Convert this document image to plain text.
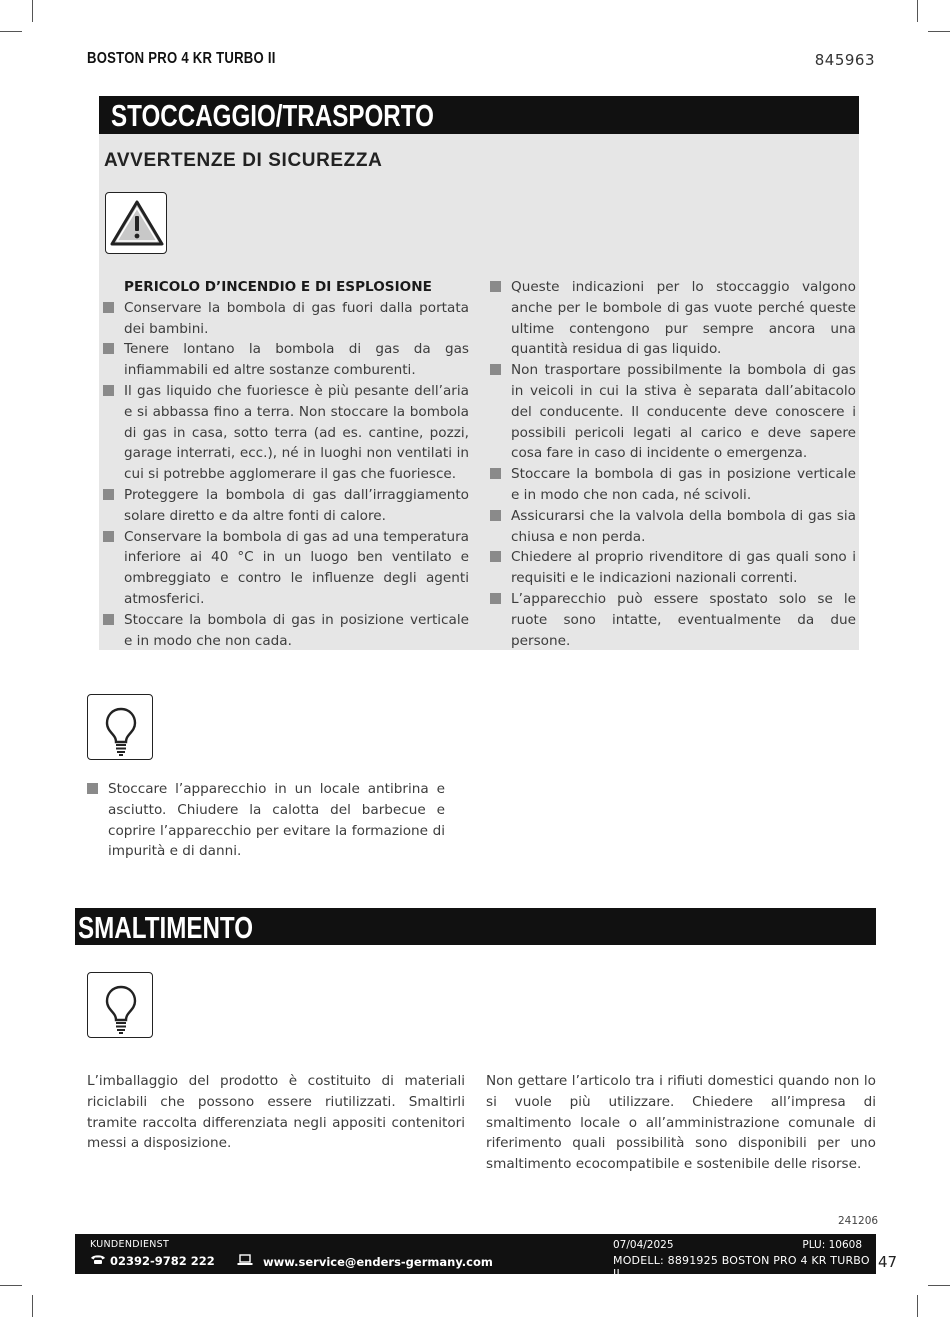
BOSTON PRO 4 KR TURBO II	845963
STOCCAGGIO/TRASPORTO
AVVERTENZE DI SICUREZZA
PERICOLO D’INCENDIO E DI ESPLOSIONE
Conservare la bombola di gas fuori dalla portata dei bambini.
Tenere lontano la bombola di gas da gas infiammabili ed altre sostanze comburenti.
Il gas liquido che fuoriesce è più pesante dell’aria e si abbassa fino a terra. Non stoccare la bombola di gas in casa, sotto terra (ad es. cantine, pozzi, garage interrati, ecc.), né in luoghi non ventilati in cui si potrebbe agglomerare il gas che fuoriesce.
Proteggere la bombola di gas dall’irraggiamento solare diretto e da altre fonti di calore.
Conservare la bombola di gas ad una temperatura inferiore ai 40 °C in un luogo ben ventilato e ombreggiato e contro le influenze degli agenti atmosferici.
Stoccare la bombola di gas in posizione verticale e in modo che non cada.
Queste indicazioni per lo stoccaggio valgono anche per le bombole di gas vuote perché queste ultime contengono pur sempre ancora una quantità residua di gas liquido.
Non trasportare possibilmente la bombola di gas in veicoli in cui la stiva è separata dall’abitacolo del conducente. Il conducente deve conoscere i possibili pericoli legati al carico e deve sapere cosa fare in caso di incidente o emergenza.
Stoccare la bombola di gas in posizione verticale e in modo che non cada, né scivoli.
Assicurarsi che la valvola della bombola di gas sia chiusa e non perda.
Chiedere al proprio rivenditore di gas quali sono i requisiti e le indicazioni nazionali correnti.
L’apparecchio può essere spostato solo se le ruote sono intatte, eventualmente da due persone.
Stoccare l’apparecchio in un locale antibrina e asciutto. Chiudere la calotta del barbecue e coprire l’apparecchio per evitare la formazione di impurità e di danni.
SMALTIMENTO
L’imballaggio del prodotto è costituito di materiali riciclabili che possono essere riutilizzati. Smaltirli tramite raccolta differenziata negli appositi contenitori messi a disposizione.
Non gettare l’articolo tra i rifiuti domestici quando non lo si vuole più utilizzare. Chiedere all’impresa di smaltimento locale o all’amministrazione comunale di riferimento quali possibilità sono disponibili per uno smaltimento ecocompatibile e sostenibile delle risorse.
241206
KUNDENDIENST
02392-9782 222	www.service@enders-germany.com
07/04/2025	PLU: 10608
MODELL: 8891925 BOSTON PRO 4 KR TURBO II
47
